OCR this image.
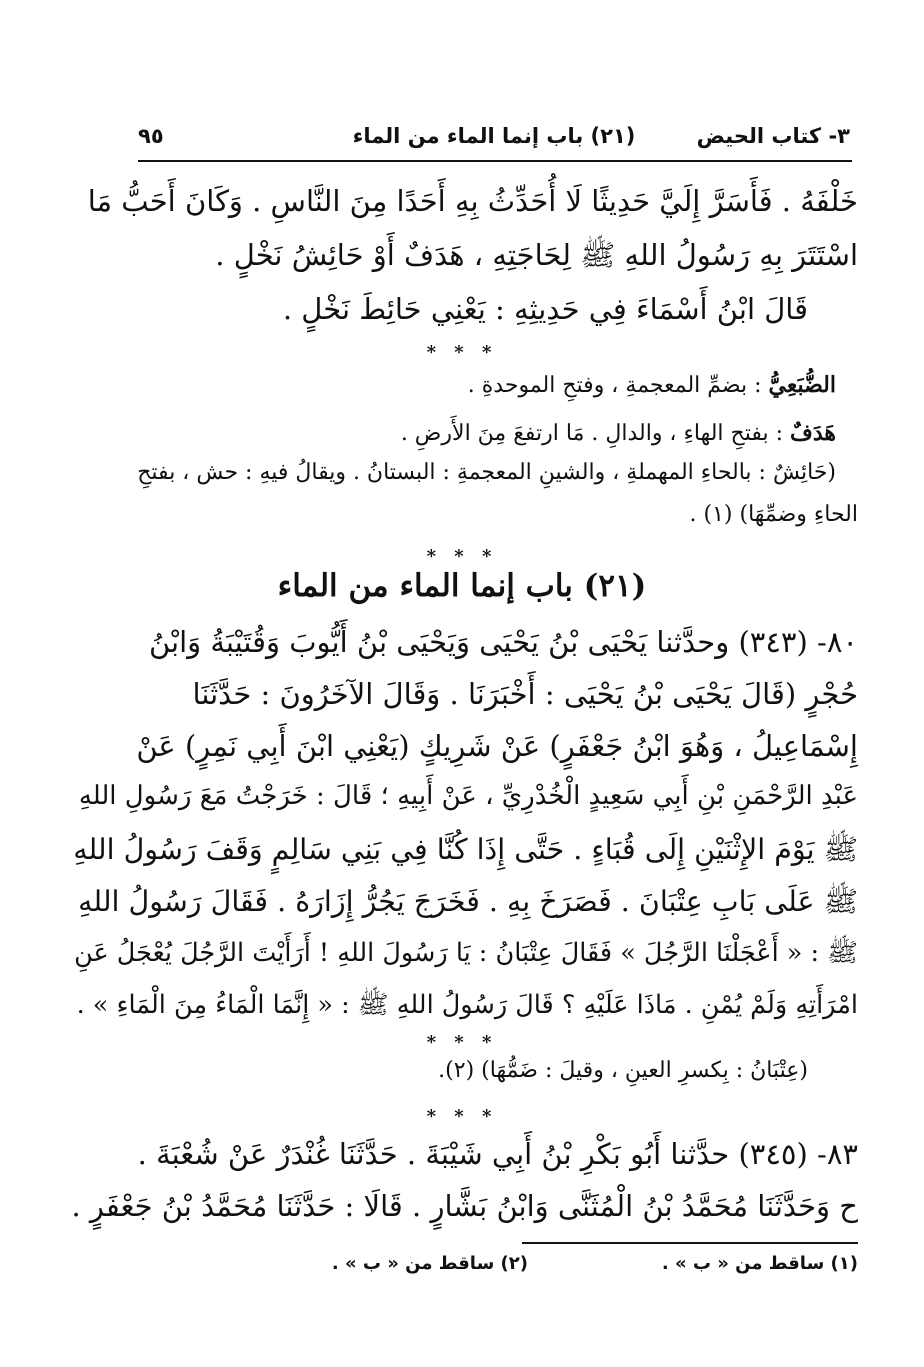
٣- كتاب الحيض
(٢١) باب إنما الماء من الماء
٩٥
خَلْفَهُ . فَأَسَرَّ إِلَيَّ حَدِيثًا لَا أُحَدِّثُ بِهِ أَحَدًا مِنَ النَّاسِ . وَكَانَ أَحَبُّ مَا
اسْتَتَرَ بِهِ رَسُولُ اللهِ ﷺ لِحَاجَتِهِ ، هَدَفٌ أَوْ حَائِشُ نَخْلٍ .
قَالَ ابْنُ أَسْمَاءَ فِي حَدِيثِهِ : يَعْنِي حَائِطَ نَخْلٍ .
* * *
الضُّبَعِيُّ : بضمِّ المعجمةِ ، وفتحِ الموحدةِ .
هَدَفٌ : بفتحِ الهاءِ ، والدالِ . مَا ارتفعَ مِنَ الأَرضِ .
(حَائِشٌ : بالحاءِ المهملةِ ، والشينِ المعجمةِ : البستانُ . ويقالُ فيهِ : حش ، بفتحِ
الحاءِ وضمِّهَا) (١) .
* * *
(٢١) باب إنما الماء من الماء
٨٠- (٣٤٣) وحدَّثنا يَحْيَى بْنُ يَحْيَى وَيَحْيَى بْنُ أَيُّوبَ وَقُتَيْبَةُ وَابْنُ
حُجْرٍ (قَالَ يَحْيَى بْنُ يَحْيَى : أَخْبَرَنَا . وَقَالَ الآخَرُونَ : حَدَّثَنَا
إِسْمَاعِيلُ ، وَهُوَ ابْنُ جَعْفَرٍ) عَنْ شَرِيكٍ (يَعْنِي ابْنَ أَبِي نَمِرٍ) عَنْ
عَبْدِ الرَّحْمَنِ بْنِ أَبِي سَعِيدٍ الْخُدْرِيِّ ، عَنْ أَبِيهِ ؛ قَالَ : خَرَجْتُ مَعَ رَسُولِ اللهِ
ﷺ يَوْمَ الإِثْنَيْنِ إِلَى قُبَاءٍ . حَتَّى إِذَا كُنَّا فِي بَنِي سَالِمٍ وَقَفَ رَسُولُ اللهِ
ﷺ عَلَى بَابِ عِتْبَانَ . فَصَرَخَ بِهِ . فَخَرَجَ يَجُرُّ إِزَارَهُ . فَقَالَ رَسُولُ اللهِ
ﷺ : « أَعْجَلْنَا الرَّجُلَ » فَقَالَ عِتْبَانُ : يَا رَسُولَ اللهِ ! أَرَأَيْتَ الرَّجُلَ يُعْجَلُ عَنِ
امْرَأَتِهِ وَلَمْ يُمْنِ . مَاذَا عَلَيْهِ ؟ قَالَ رَسُولُ اللهِ ﷺ : « إِنَّمَا الْمَاءُ مِنَ الْمَاءِ » .
* * *
(عِتْبَانُ : بِكسرِ العينِ ، وقيلَ : ضَمُّهَا) (٢).
* * *
٨٣- (٣٤٥) حدَّثنا أَبُو بَكْرِ بْنُ أَبِي شَيْبَةَ . حَدَّثَنَا غُنْدَرٌ عَنْ شُعْبَةَ .
ح وَحَدَّثَنَا مُحَمَّدُ بْنُ الْمُثَنَّى وَابْنُ بَشَّارٍ . قَالَا : حَدَّثَنَا مُحَمَّدُ بْنُ جَعْفَرٍ .
(١) ساقط من « ب » .
(٢) ساقط من « ب » .
